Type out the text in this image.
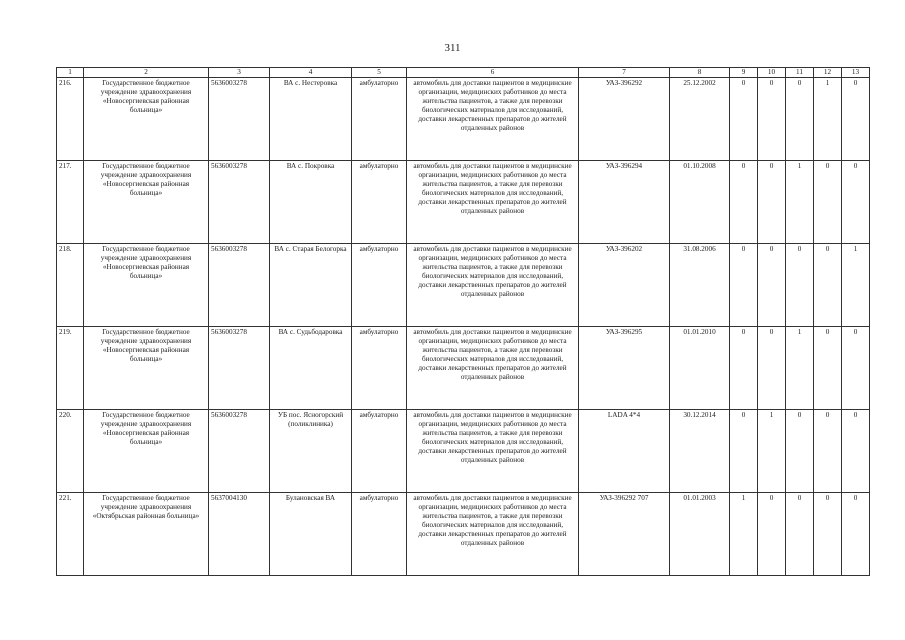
311
1	2	3	4	5	6	7	8	9	10	11	12	13
216.	Государственное бюджетное учреждение здравоохранения «Новосергиевская районная больница»	5636003278	ВА с. Нестеровка	амбулаторно	автомобиль для доставки пациентов в медицинские организации, медицинских работников до места жительства пациентов, а также для перевозки биологических материалов для исследований, доставки лекарственных препаратов до жителей отдаленных районов	УАЗ-396292	25.12.2002	0	0	0	1	0
217.	Государственное бюджетное учреждение здравоохранения «Новосергиевская районная больница»	5636003278	ВА с. Покровка	амбулаторно	автомобиль для доставки пациентов в медицинские организации, медицинских работников до места жительства пациентов, а также для перевозки биологических материалов для исследований, доставки лекарственных препаратов до жителей отдаленных районов	УАЗ-396294	01.10.2008	0	0	1	0	0
218.	Государственное бюджетное учреждение здравоохранения «Новосергиевская районная больница»	5636003278	ВА с. Старая Белогорка	амбулаторно	автомобиль для доставки пациентов в медицинские организации, медицинских работников до места жительства пациентов, а также для перевозки биологических материалов для исследований, доставки лекарственных препаратов до жителей отдаленных районов	УАЗ-396202	31.08.2006	0	0	0	0	1
219.	Государственное бюджетное учреждение здравоохранения «Новосергиевская районная больница»	5636003278	ВА с. Судьбодаровка	амбулаторно	автомобиль для доставки пациентов в медицинские организации, медицинских работников до места жительства пациентов, а также для перевозки биологических материалов для исследований, доставки лекарственных препаратов до жителей отдаленных районов	УАЗ-396295	01.01.2010	0	0	1	0	0
220.	Государственное бюджетное учреждение здравоохранения «Новосергиевская районная больница»	5636003278	УБ пос. Ясногорский (поликлиника)	амбулаторно	автомобиль для доставки пациентов в медицинские организации, медицинских работников до места жительства пациентов, а также для перевозки биологических материалов для исследований, доставки лекарственных препаратов до жителей отдаленных районов	LADA 4*4	30.12.2014	0	1	0	0	0
221.	Государственное бюджетное учреждение здравоохранения «Октябрьская районная больница»	5637004130	Булановская ВА	амбулаторно	автомобиль для доставки пациентов в медицинские организации, медицинских работников до места жительства пациентов, а также для перевозки биологических материалов для исследований, доставки лекарственных препаратов до жителей отдаленных районов	УАЗ-396292 707	01.01.2003	1	0	0	0	0
